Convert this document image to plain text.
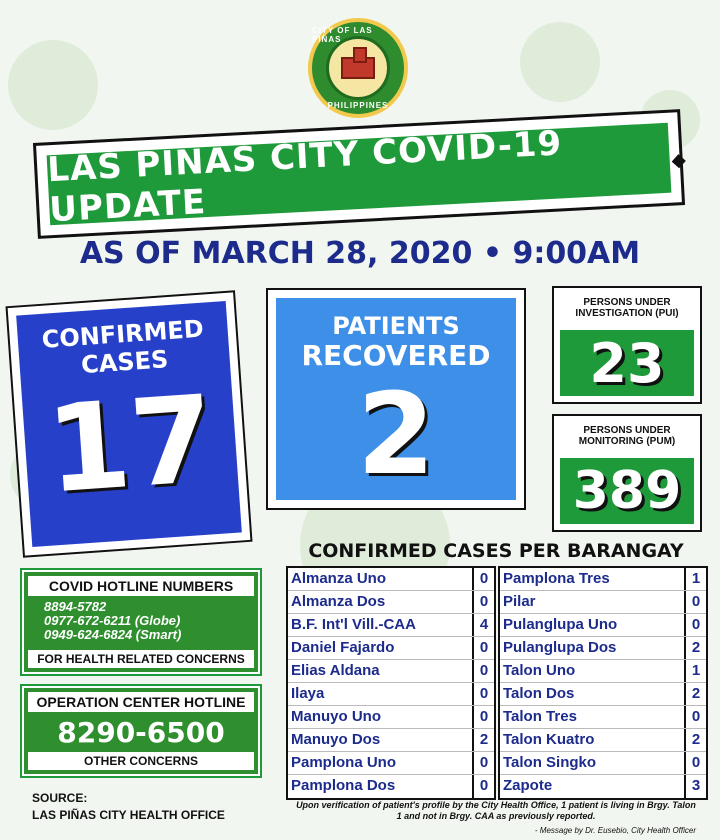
CITY OF LAS PIÑAS
PHILIPPINES
LAS PIÑAS CITY COVID-19 UPDATE
AS OF MARCH 28, 2020 • 9:00AM
CONFIRMED
CASES
17
PATIENTS
RECOVERED
2
PERSONS UNDER
INVESTIGATION (PUI)
23
PERSONS UNDER
MONITORING (PUM)
389
CONFIRMED CASES PER BARANGAY
Almanza Uno	0
Almanza Dos	0
B.F. Int'l Vill.-CAA	4
Daniel Fajardo	0
Elias Aldana	0
Ilaya	0
Manuyo Uno	0
Manuyo Dos	2
Pamplona Uno	0
Pamplona Dos	0
Pamplona Tres	1
Pilar	0
Pulanglupa Uno	0
Pulanglupa Dos	2
Talon Uno	1
Talon Dos	2
Talon Tres	0
Talon Kuatro	2
Talon Singko	0
Zapote	3
COVID HOTLINE NUMBERS
8894-5782
0977-672-6211 (Globe)
0949-624-6824 (Smart)
FOR HEALTH RELATED CONCERNS
OPERATION CENTER HOTLINE
8290-6500
OTHER CONCERNS
SOURCE:
LAS PIÑAS CITY HEALTH OFFICE
Upon verification of patient's profile by the City Health Office, 1 patient is living in Brgy. Talon 1 and not in Brgy. CAA as previously reported.
- Message by Dr. Eusebio, City Health Officer
